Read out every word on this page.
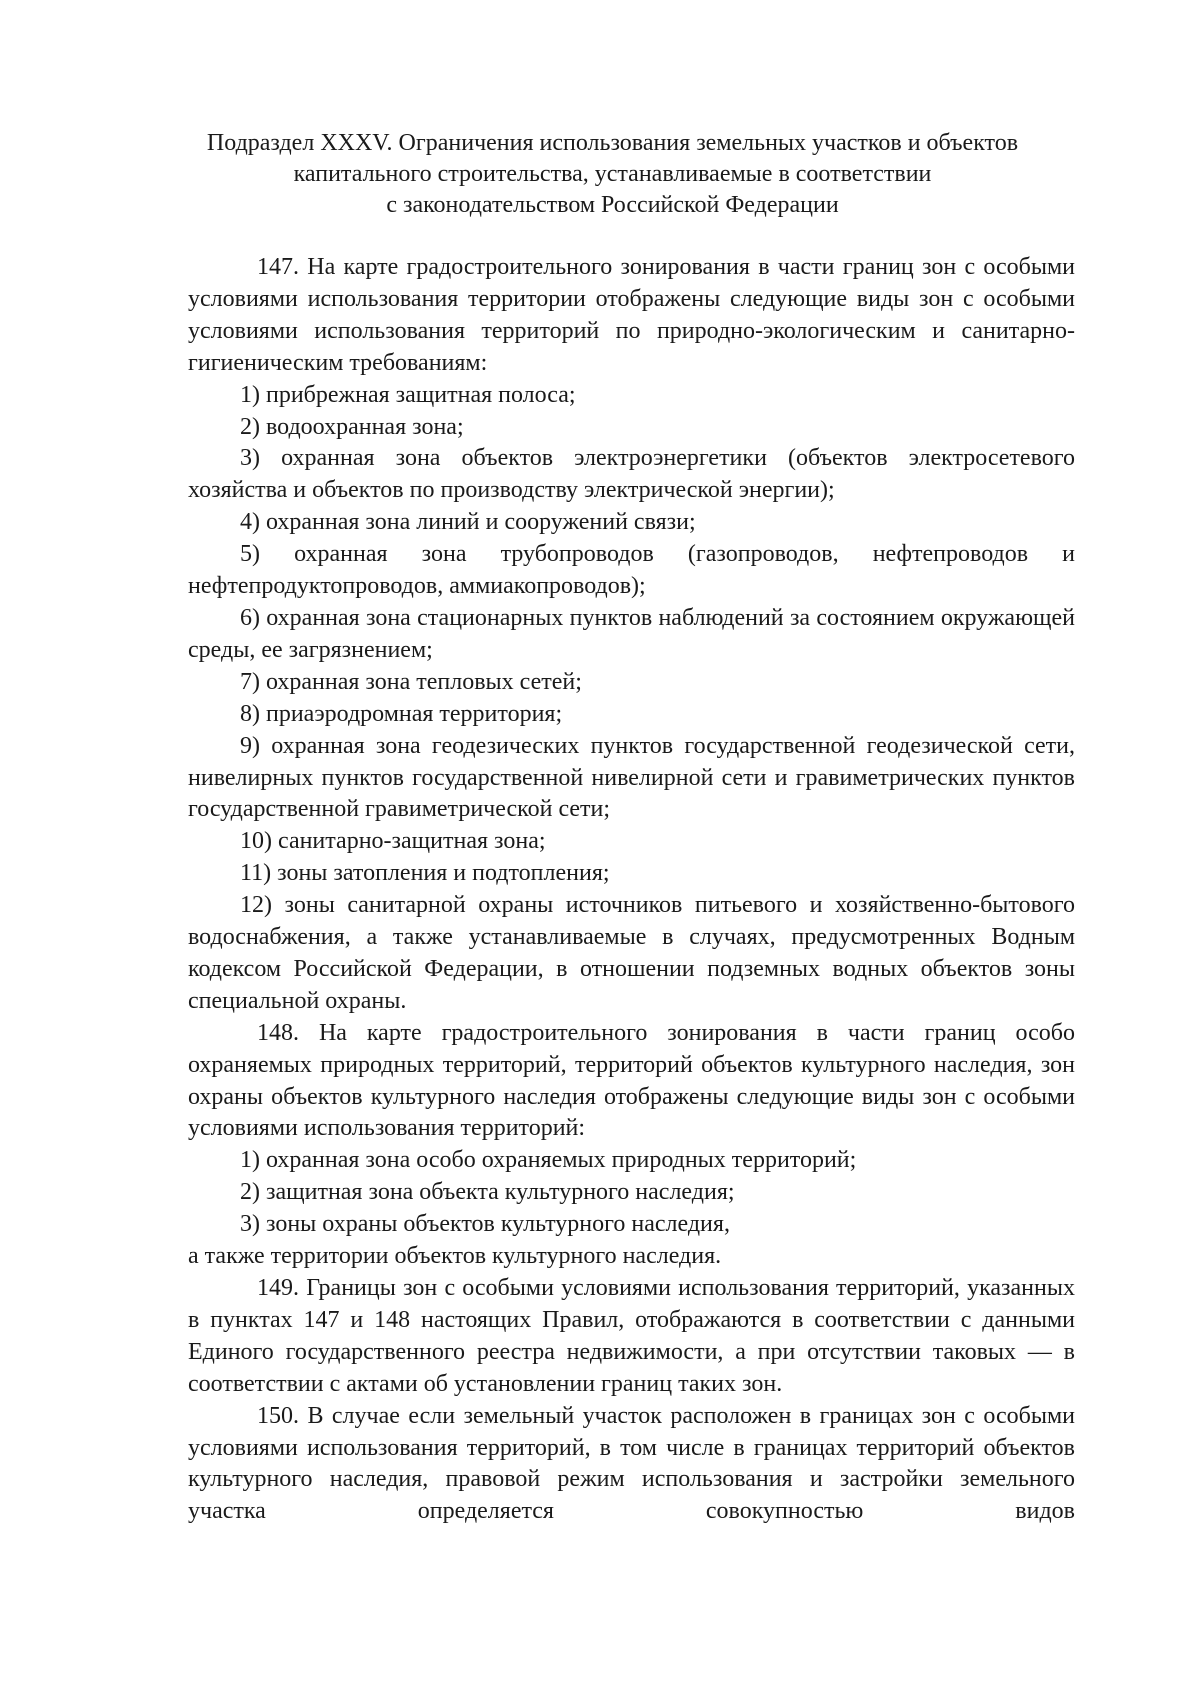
Подраздел XXXV. Ограничения использования земельных участков и объектов
капитального строительства, устанавливаемые в соответствии
с законодательством Российской Федерации

147. На карте градостроительного зонирования в части границ зон с особыми условиями использования территории отображены следующие виды зон с особыми условиями использования территорий по природно-экологическим и санитарно-гигиеническим требованиям:

1) прибрежная защитная полоса;

2) водоохранная зона;

3) охранная зона объектов электроэнергетики (объектов электросетевого хозяйства и объектов по производству электрической энергии);

4) охранная зона линий и сооружений связи;

5) охранная зона трубопроводов (газопроводов, нефтепроводов и нефтепродуктопроводов, аммиакопроводов);

6) охранная зона стационарных пунктов наблюдений за состоянием окружающей среды, ее загрязнением;

7) охранная зона тепловых сетей;

8) приаэродромная территория;

9) охранная зона геодезических пунктов государственной геодезической сети, нивелирных пунктов государственной нивелирной сети и гравиметрических пунктов государственной гравиметрической сети;

10) санитарно-защитная зона;

11) зоны затопления и подтопления;

12) зоны санитарной охраны источников питьевого и хозяйственно-бытового водоснабжения, а также устанавливаемые в случаях, предусмотренных Водным кодексом Российской Федерации, в отношении подземных водных объектов зоны специальной охраны.

148. На карте градостроительного зонирования в части границ особо охраняемых природных территорий, территорий объектов культурного наследия, зон охраны объектов культурного наследия отображены следующие виды зон с особыми условиями использования территорий:

1) охранная зона особо охраняемых природных территорий;

2) защитная зона объекта культурного наследия;

3) зоны охраны объектов культурного наследия,

а также территории объектов культурного наследия.

149. Границы зон с особыми условиями использования территорий, указанных в пунктах 147 и 148 настоящих Правил, отображаются в соответствии с данными Единого государственного реестра недвижимости, а при отсутствии таковых — в соответствии с актами об установлении границ таких зон.

150. В случае если земельный участок расположен в границах зон с особыми условиями использования территорий, в том числе в границах территорий объектов культурного наследия, правовой режим использования и застройки земельного участка определяется совокупностью видов
